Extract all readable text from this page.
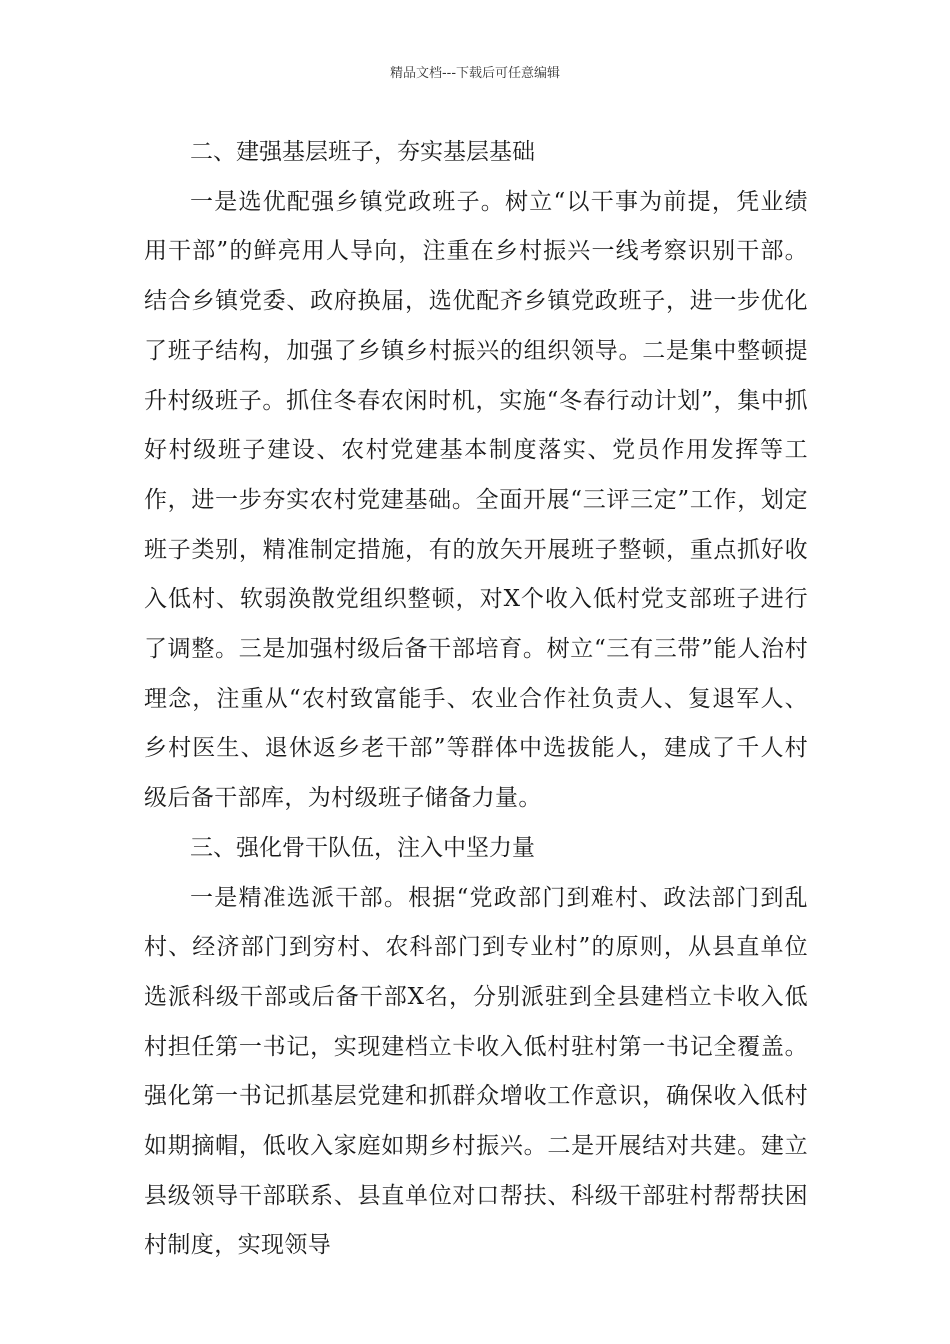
精品文档---下载后可任意编辑
二、建强基层班子，夯实基层基础

一是选优配强乡镇党政班子。树立“以干事为前提，凭业绩用干部”的鲜亮用人导向，注重在乡村振兴一线考察识别干部。结合乡镇党委、政府换届，选优配齐乡镇党政班子，进一步优化了班子结构，加强了乡镇乡村振兴的组织领导。二是集中整顿提升村级班子。抓住冬春农闲时机，实施“冬春行动计划”，集中抓好村级班子建设、农村党建基本制度落实、党员作用发挥等工作，进一步夯实农村党建基础。全面开展“三评三定”工作，划定班子类别，精准制定措施，有的放矢开展班子整顿，重点抓好收入低村、软弱涣散党组织整顿，对X个收入低村党支部班子进行了调整。三是加强村级后备干部培育。树立“三有三带”能人治村理念，注重从“农村致富能手、农业合作社负责人、复退军人、乡村医生、退休返乡老干部”等群体中选拔能人，建成了千人村级后备干部库，为村级班子储备力量。

三、强化骨干队伍，注入中坚力量

一是精准选派干部。根据“党政部门到难村、政法部门到乱村、经济部门到穷村、农科部门到专业村”的原则，从县直单位选派科级干部或后备干部X名，分别派驻到全县建档立卡收入低村担任第一书记，实现建档立卡收入低村驻村第一书记全覆盖。强化第一书记抓基层党建和抓群众增收工作意识，确保收入低村如期摘帽，低收入家庭如期乡村振兴。二是开展结对共建。建立县级领导干部联系、县直单位对口帮扶、科级干部驻村帮帮扶困村制度，实现领导
